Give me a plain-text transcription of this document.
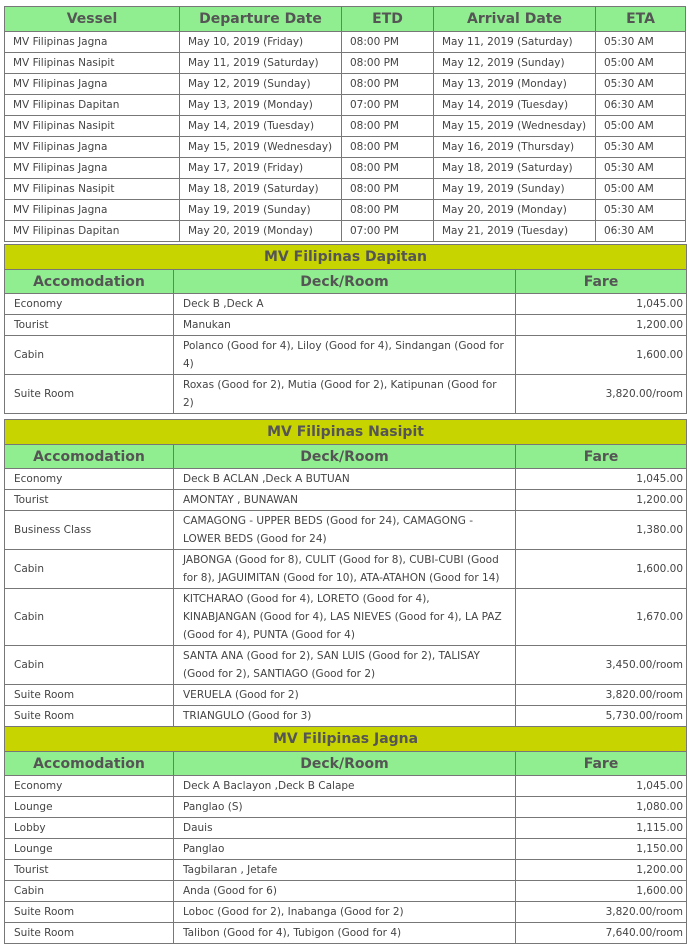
Vessel	Departure Date	ETD	Arrival Date	ETA
MV Filipinas Jagna	May 10, 2019 (Friday)	08:00 PM	May 11, 2019 (Saturday)	05:30 AM
MV Filipinas Nasipit	May 11, 2019 (Saturday)	08:00 PM	May 12, 2019 (Sunday)	05:00 AM
MV Filipinas Jagna	May 12, 2019 (Sunday)	08:00 PM	May 13, 2019 (Monday)	05:30 AM
MV Filipinas Dapitan	May 13, 2019 (Monday)	07:00 PM	May 14, 2019 (Tuesday)	06:30 AM
MV Filipinas Nasipit	May 14, 2019 (Tuesday)	08:00 PM	May 15, 2019 (Wednesday)	05:00 AM
MV Filipinas Jagna	May 15, 2019 (Wednesday)	08:00 PM	May 16, 2019 (Thursday)	05:30 AM
MV Filipinas Jagna	May 17, 2019 (Friday)	08:00 PM	May 18, 2019 (Saturday)	05:30 AM
MV Filipinas Nasipit	May 18, 2019 (Saturday)	08:00 PM	May 19, 2019 (Sunday)	05:00 AM
MV Filipinas Jagna	May 19, 2019 (Sunday)	08:00 PM	May 20, 2019 (Monday)	05:30 AM
MV Filipinas Dapitan	May 20, 2019 (Monday)	07:00 PM	May 21, 2019 (Tuesday)	06:30 AM
MV Filipinas Dapitan		
Accomodation	Deck/Room	Fare
Economy	Deck B ,Deck A	1,045.00
Tourist	Manukan	1,200.00
Cabin	Polanco (Good for 4), Liloy (Good for 4), Sindangan (Good for 4)	1,600.00
Suite Room	Roxas (Good for 2), Mutia (Good for 2), Katipunan (Good for 2)	3,820.00/room
MV Filipinas Nasipit		
Accomodation	Deck/Room	Fare
Economy	Deck B ACLAN ,Deck A BUTUAN	1,045.00
Tourist	AMONTAY , BUNAWAN	1,200.00
Business Class	CAMAGONG - UPPER BEDS (Good for 24), CAMAGONG - LOWER BEDS (Good for 24)	1,380.00
Cabin	JABONGA (Good for 8), CULIT (Good for 8), CUBI-CUBI (Good for 8), JAGUIMITAN (Good for 10), ATA-ATAHON (Good for 14)	1,600.00
Cabin	KITCHARAO (Good for 4), LORETO (Good for 4), KINABJANGAN (Good for 4), LAS NIEVES (Good for 4), LA PAZ (Good for 4), PUNTA (Good for 4)	1,670.00
Cabin	SANTA ANA (Good for 2), SAN LUIS (Good for 2), TALISAY (Good for 2), SANTIAGO (Good for 2)	3,450.00/room
Suite Room	VERUELA (Good for 2)	3,820.00/room
Suite Room	TRIANGULO (Good for 3)	5,730.00/room
MV Filipinas Jagna		
Accomodation	Deck/Room	Fare
Economy	Deck A Baclayon ,Deck B Calape	1,045.00
Lounge	Panglao (S)	1,080.00
Lobby	Dauis	1,115.00
Lounge	Panglao	1,150.00
Tourist	Tagbilaran , Jetafe	1,200.00
Cabin	Anda (Good for 6)	1,600.00
Suite Room	Loboc (Good for 2), Inabanga (Good for 2)	3,820.00/room
Suite Room	Talibon (Good for 4), Tubigon (Good for 4)	7,640.00/room
